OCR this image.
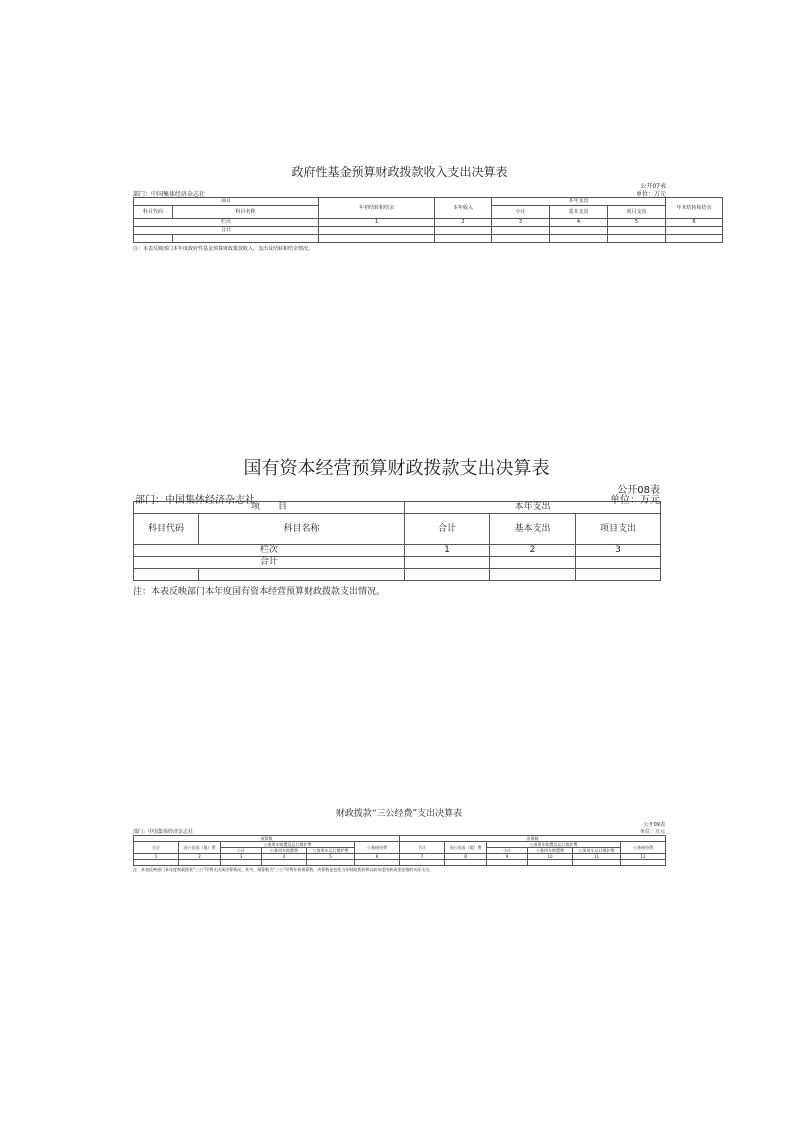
政府性基金预算财政拨款收入支出决算表
公开07表
部门：中国集体经济杂志社	单位：万元
项目		年初结转和结余	本年收入	本年支出			年末结转和结余
科目代码	科目名称			小计	基本支出	项目支出	
栏次		1	2	3	4	5	6
合计							

注：本表反映部门本年度政府性基金预算财政拨款收入、支出及结转和结余情况。
国有资本经营预算财政拨款支出决算表
公开08表
部门：中国集体经济杂志社	单位：万元
项　　目		本年支出		
科目代码	科目名称	合计	基本支出	项目支出
栏次		1	2	3
合计				

注：本表反映部门本年度国有资本经营预算财政拨款支出情况。
财政拨款“三公经费”支出决算表
公开09表
部门：中国集体经济杂志社	单位：万元
预算数						决算数					
合计	因公出国（境）费	公务用车购置及运行维护费			公务接待费	合计	因公出国（境）费	公务用车购置及运行维护费			公务接待费
		小计	公务用车购置费	公务用车运行维护费				小计	公务用车购置费	公务用车运行维护费	
1	2	3	4	5	6	7	8	9	10	11	12

注：本表反映部门本年度财政拨款“三公”经费支出预决算情况。其中，预算数为“三公”经费年初预算数，决算数是包括当年财政拨款和以前年度结转资金安排的实际支出。
